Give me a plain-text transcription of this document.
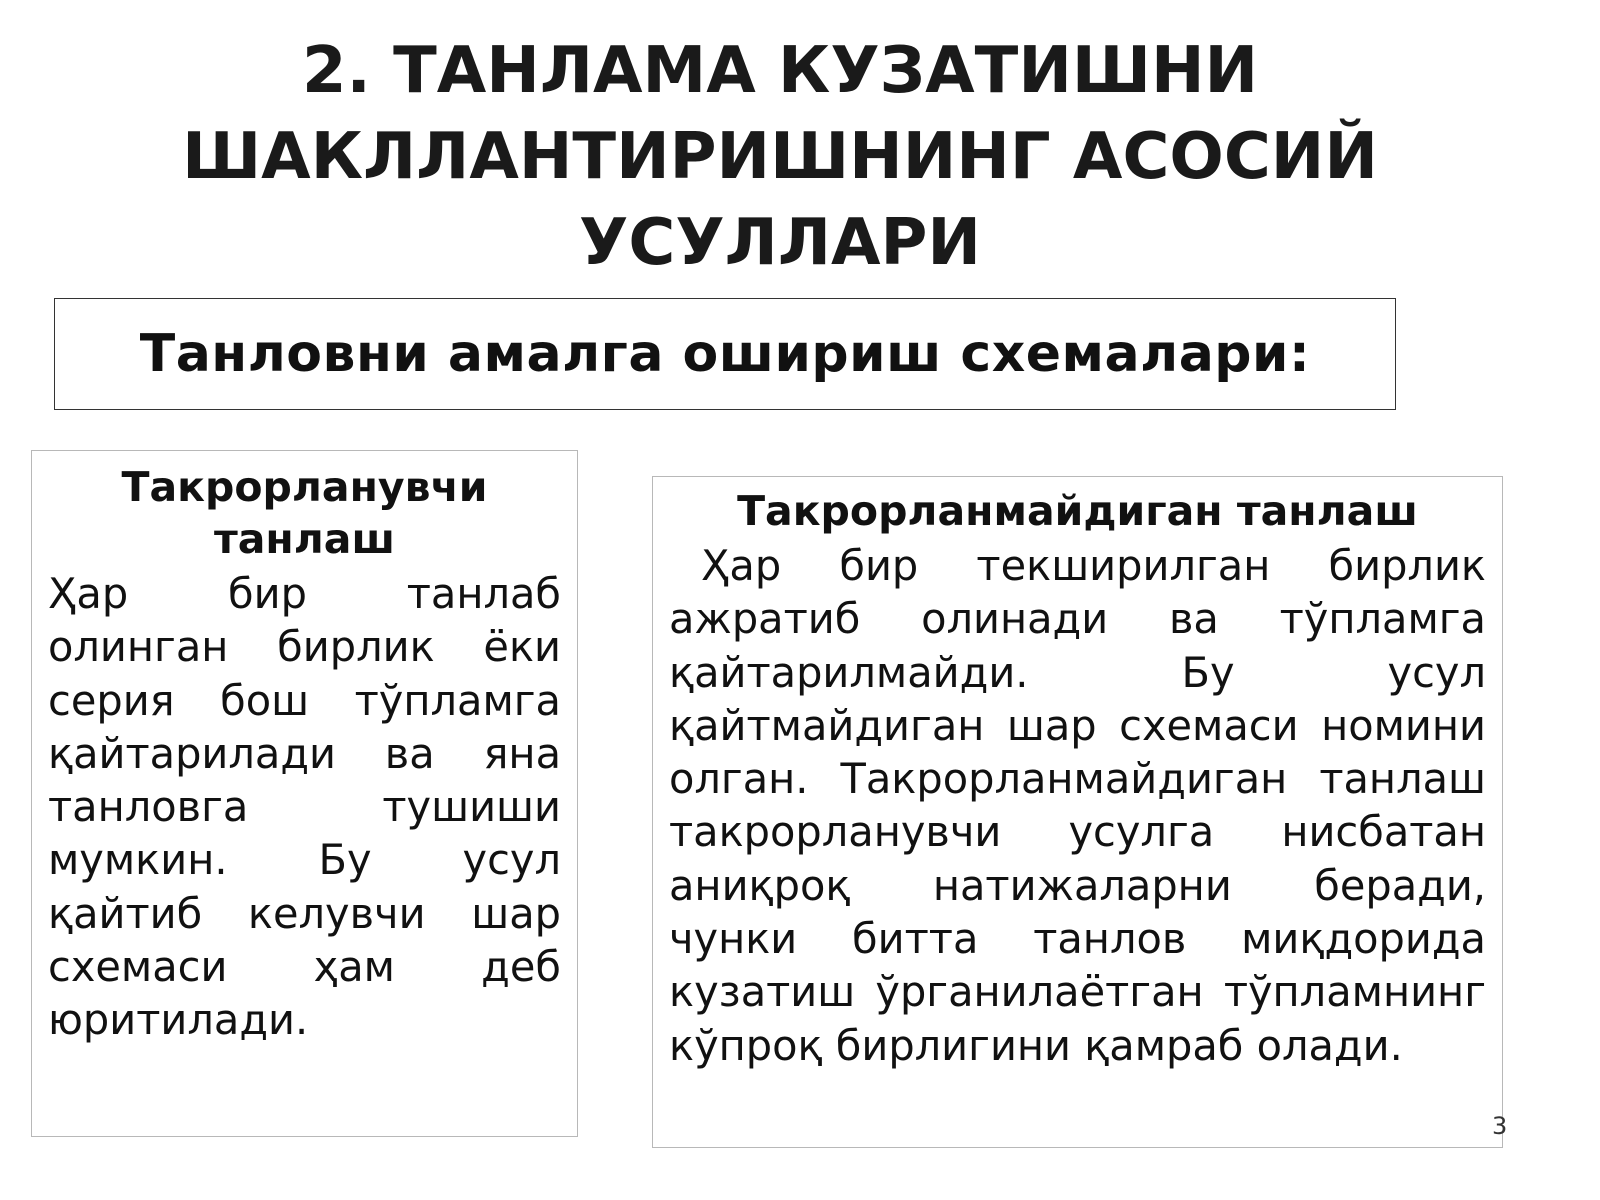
2. ТАНЛАМА КУЗАТИШНИ ШАКЛЛАНТИРИШНИНГ АСОСИЙ УСУЛЛАРИ
Танловни амалга ошириш схемалари:
Такрорланувчи танлаш

Ҳар бир танлаб олинган бирлик ёки серия бош тўпламга қайтарилади ва яна танловга тушиши мумкин. Бу усул қайтиб келувчи шар схемаси ҳам деб юритилади.

Такрорланмайдиган танлаш

Ҳар бир текширилган бирлик ажратиб олинади ва тўпламга қайтарилмайди. Бу усул қайтмайдиган шар схемаси номини олган. Такрорланмайдиган танлаш такрорланувчи усулга нисбатан аниқроқ натижаларни беради, чунки битта танлов миқдорида кузатиш ўрганилаётган тўпламнинг кўпроқ бирлигини қамраб олади.

3
